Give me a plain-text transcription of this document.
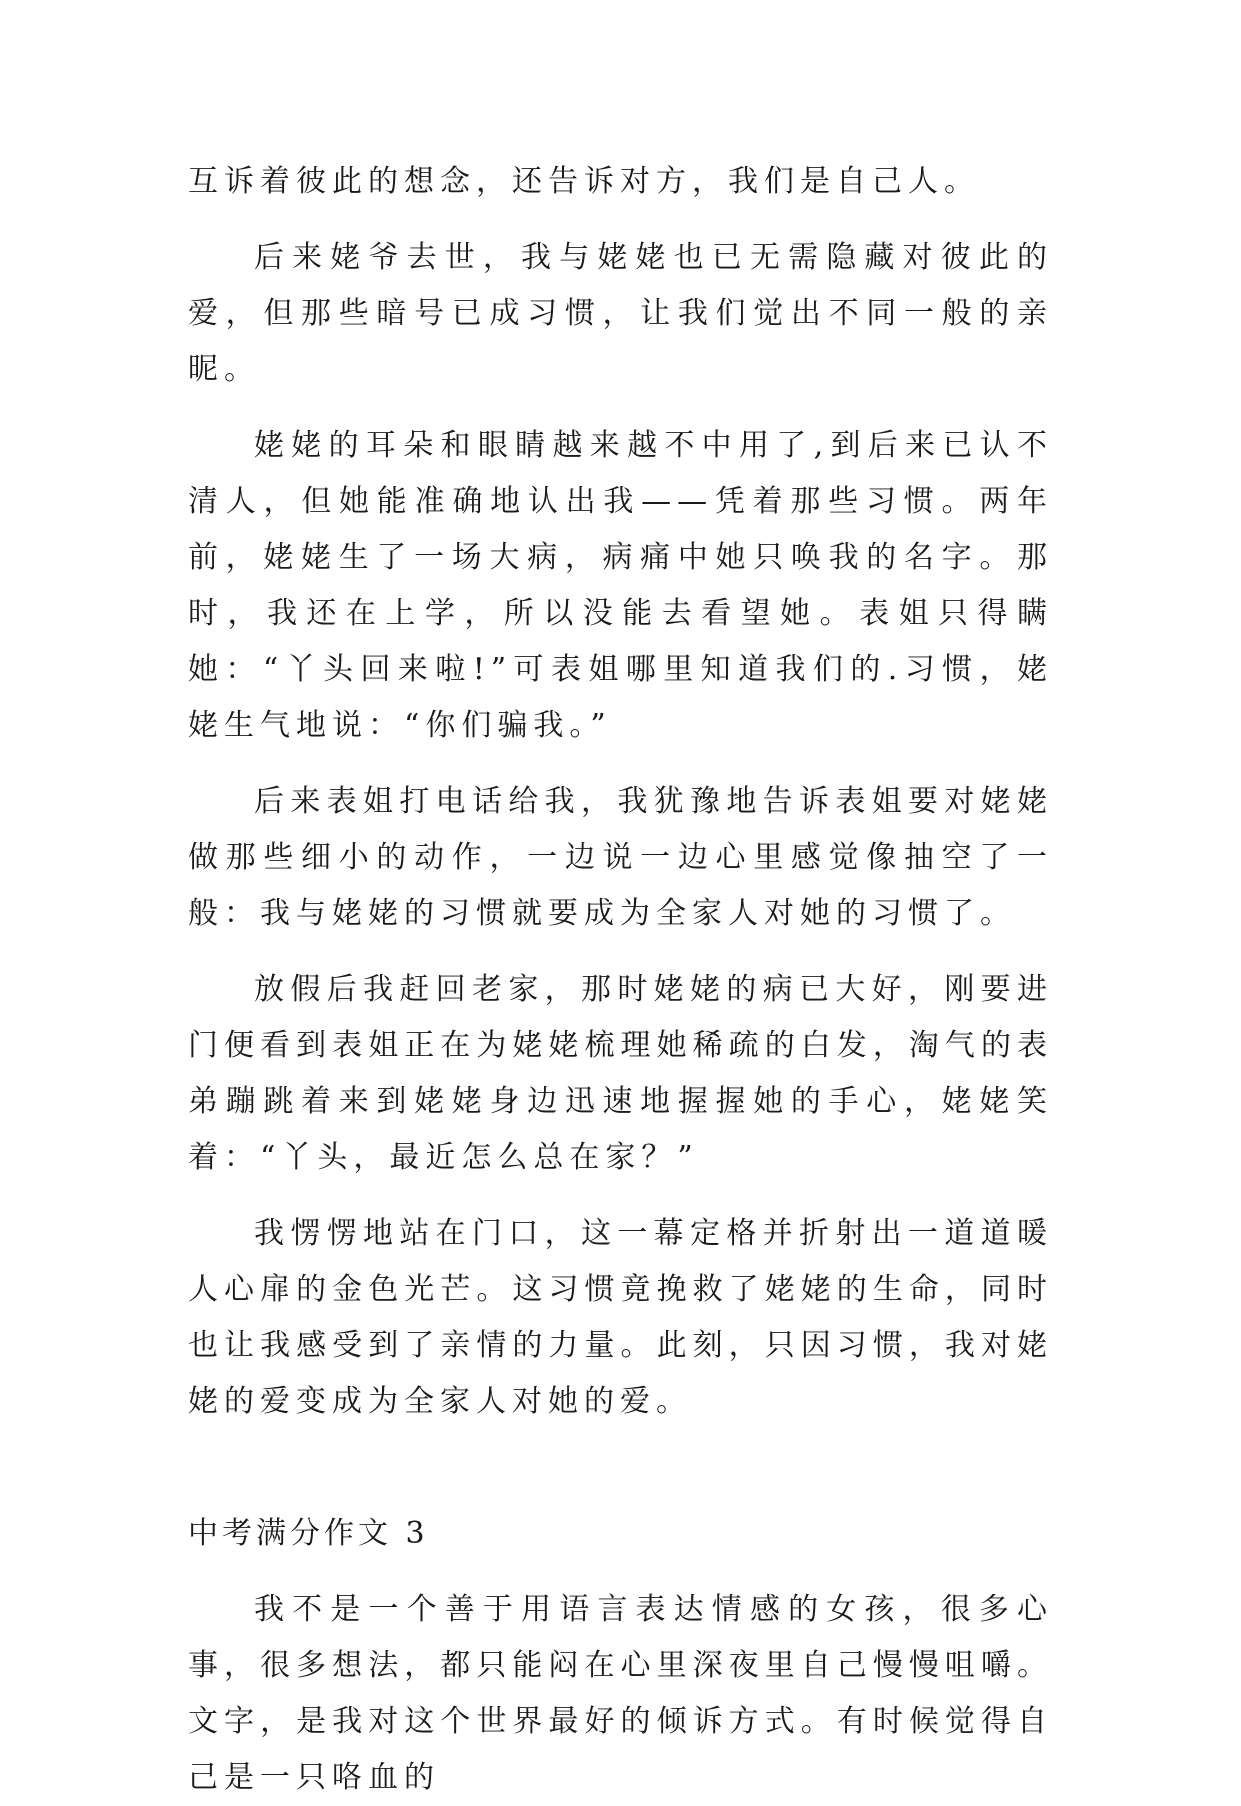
互诉着彼此的想念，还告诉对方，我们是自己人。

后来姥爷去世，我与姥姥也已无需隐藏对彼此的爱，但那些暗号已成习惯，让我们觉出不同一般的亲昵。

姥姥的耳朵和眼睛越来越不中用了,到后来已认不清人，但她能准确地认出我——凭着那些习惯。两年前，姥姥生了一场大病，病痛中她只唤我的名字。那时，我还在上学，所以没能去看望她。表姐只得瞒她：“丫头回来啦!”可表姐哪里知道我们的.习惯，姥姥生气地说：“你们骗我。”

后来表姐打电话给我，我犹豫地告诉表姐要对姥姥做那些细小的动作，一边说一边心里感觉像抽空了一般：我与姥姥的习惯就要成为全家人对她的习惯了。

放假后我赶回老家，那时姥姥的病已大好，刚要进门便看到表姐正在为姥姥梳理她稀疏的白发，淘气的表弟蹦跳着来到姥姥身边迅速地握握她的手心，姥姥笑着：“丫头，最近怎么总在家？”

我愣愣地站在门口，这一幕定格并折射出一道道暖人心扉的金色光芒。这习惯竟挽救了姥姥的生命，同时也让我感受到了亲情的力量。此刻，只因习惯，我对姥姥的爱变成为全家人对她的爱。

中考满分作文 3

我不是一个善于用语言表达情感的女孩，很多心事，很多想法，都只能闷在心里深夜里自己慢慢咀嚼。文字，是我对这个世界最好的倾诉方式。有时候觉得自己是一只咯血的
